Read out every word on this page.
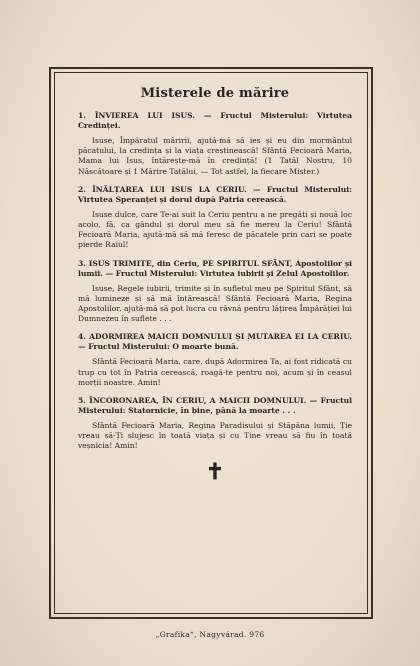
Misterele de mărire
1. ÎNVIEREA LUI ISUS. — Fructul Misterului: Virtutea Credinței.
Isuse, Împăratul măririi, ajută-mă să ies și eu din mormântul păcatului, la credința și la viața creștinească! Sfântă Fecioară Maria, Mama lui Isus, întărește-mă în credință! (1 Tatăl Nostru, 10 Născătoare și 1 Mărire Tatălui, — Tot astfel, la fiecare Mister.)
2. ÎNĂLȚAREA LUI ISUS LA CERIU. — Fructul Misterului: Virtutea Speranței și dorul după Patria cerească.
Isuse dulce, care Te-ai suit la Ceriu pentru a ne pregăti și nouă loc acolo, fă, ca gândul și dorul meu să fie mereu la Ceriu! Sfântă Fecioară Maria, ajută-mă să mă feresc de păcatele prin cari se poate pierde Raiul!
3. ISUS TRIMITE, din Ceriu, PE SPIRITUL SFÂNT, Apostolilor și lumii. — Fructul Misterului: Virtutea iubirii și Zelul Apostolilor.
Isuse, Regele iubirii, trimite și în sufletul meu pe Spiritul Sfânt, să mă lumineze și să mă întărească! Sfântă Fecioară Maria, Regina Apostolilor, ajută-mă să pot lucra cu râvnă pentru lățirea Împărăției lui Dumnezeu în suflete . . .
4. ADORMIREA MAICII DOMNULUI ȘI MUTAREA EI LA CERIU. — Fructul Misterului: O moarte bună.
Sfântă Fecioară Maria, care, după Adormirea Ta, ai fost ridicată cu trup cu tot în Patria cerească, roagă-te pentru noi, acum și în ceasul morții noastre. Amin!
5. ÎNCORONAREA, ÎN CERIU, A MAICII DOMNULUI. — Fructul Misterului: Statornicie, în bine, până la moarte . . .
Sfântă Fecioară Maria, Regina Paradisului și Stăpâna lumii, Ție vreau să-Ți slujesc în toată viața și cu Tine vreau să fiu în toată veșnicia! Amin!
✝
„Grafika“, Nagyvárad. 976
